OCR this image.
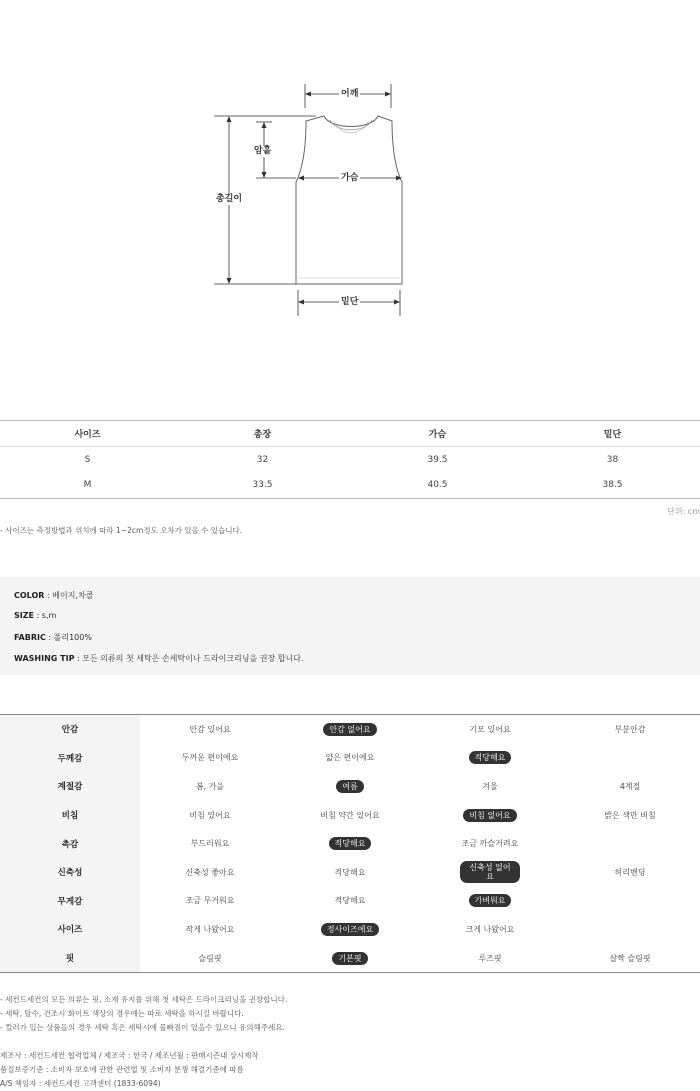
어깨
암홀
가슴
총길이
밑단
사이즈	총장	가슴	밑단
S	32	39.5	38
M	33.5	40.5	38.5
단위: cm
- 사이즈는 측정방법과 위치에 따라 1~2cm정도 오차가 있을 수 있습니다.
COLOR : 베이지,차콜
SIZE : s,m
FABRIC : 폴리100%
WASHING TIP : 모든 의류의 첫 세탁은 손세탁이나 드라이크리닝을 권장 합니다.
안감	안감 있어요	안감 없어요	기모 있어요	부분안감
두께감	두꺼운 편이에요	얇은 편이에요	적당해요
계절감	봄, 가을	여름	겨울	4계절
비침	비침 있어요	비침 약간 있어요	비침 없어요	밝은 색만 비침
촉감	부드러워요	적당해요	조금 까슬거려요
신축성	신축성 좋아요	적당해요	신축성 없어요	허리밴딩
무게감	조금 무거워요	적당해요	가벼워요
사이즈	작게 나왔어요	정사이즈에요	크게 나왔어요
핏	슬림핏	기본핏	루즈핏	살짝 슬림핏
- 세컨드세컨의 모든 의류는 핏, 소재 유지를 위해 첫 세탁은 드라이크리닝을 권장합니다.
- 세탁, 탈수, 건조시 화이트 색상의 경우에는 따로 세탁을 하시길 바랍니다.
- 컬러가 있는 상품들의 경우 세탁 혹은 세탁시에 물빠짐이 있을수 있으니 유의해주세요.
제조사 : 세컨드세컨 협력업체 / 제조국 : 한국 / 제조년월 : 판매시즌내 상시제작
품질보증기준 : 소비자 보호에 관한 관련법 및 소비자 분쟁 해결기준에 따름
A/S 책임자 : 세컨드세컨 고객센터 (1833-6094)
